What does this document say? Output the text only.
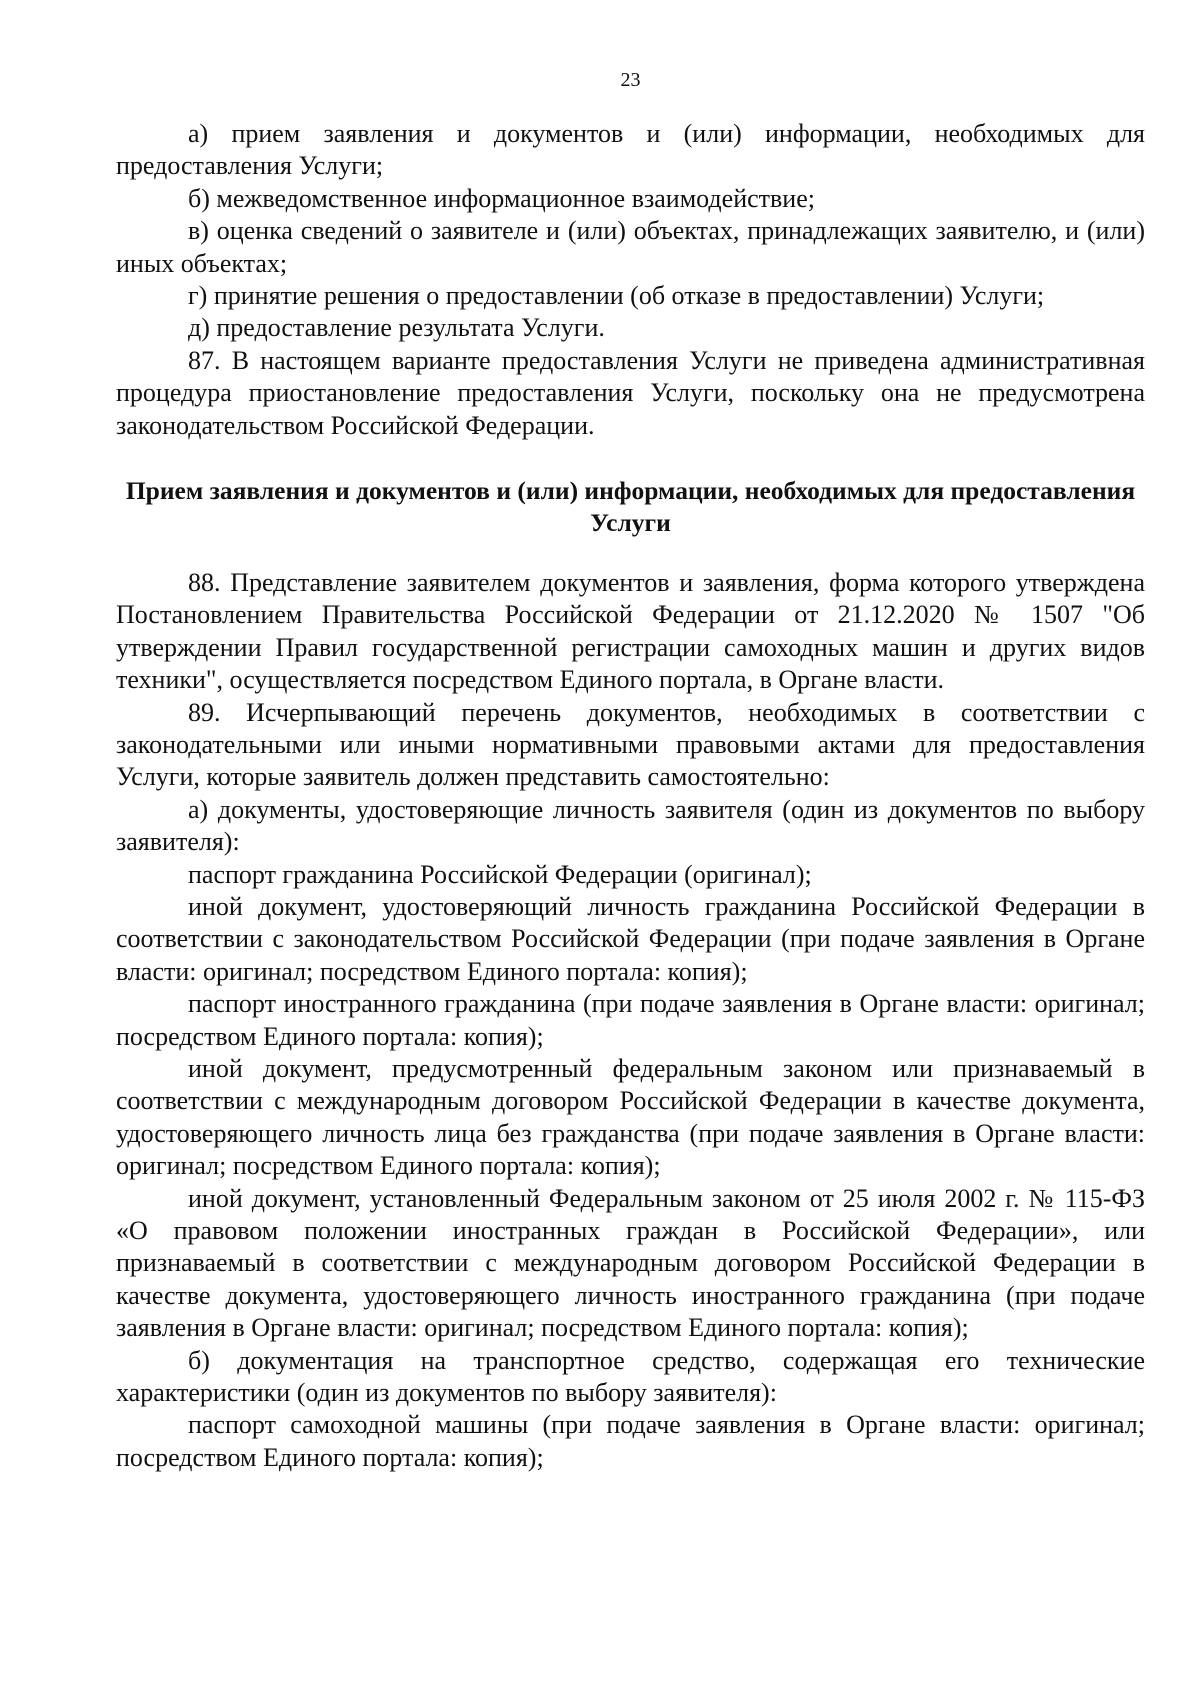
23

а) прием заявления и документов и (или) информации, необходимых для предоставления Услуги;

б) межведомственное информационное взаимодействие;

в) оценка сведений о заявителе и (или) объектах, принадлежащих заявителю, и (или) иных объектах;

г) принятие решения о предоставлении (об отказе в предоставлении) Услуги;

д) предоставление результата Услуги.

87. В настоящем варианте предоставления Услуги не приведена административная процедура приостановление предоставления Услуги, поскольку она не предусмотрена законодательством Российской Федерации.

Прием заявления и документов и (или) информации, необходимых для предоставления Услуги

88. Представление заявителем документов и заявления, форма которого утверждена Постановлением Правительства Российской Федерации от 21.12.2020 № 1507 "Об утверждении Правил государственной регистрации самоходных машин и других видов техники", осуществляется посредством Единого портала, в Органе власти.

89. Исчерпывающий перечень документов, необходимых в соответствии с законодательными или иными нормативными правовыми актами для предоставления Услуги, которые заявитель должен представить самостоятельно:

а) документы, удостоверяющие личность заявителя (один из документов по выбору заявителя):

паспорт гражданина Российской Федерации (оригинал);

иной документ, удостоверяющий личность гражданина Российской Федерации в соответствии с законодательством Российской Федерации (при подаче заявления в Органе власти: оригинал; посредством Единого портала: копия);

паспорт иностранного гражданина (при подаче заявления в Органе власти: оригинал; посредством Единого портала: копия);

иной документ, предусмотренный федеральным законом или признаваемый в соответствии с международным договором Российской Федерации в качестве документа, удостоверяющего личность лица без гражданства (при подаче заявления в Органе власти: оригинал; посредством Единого портала: копия);

иной документ, установленный Федеральным законом от 25 июля 2002 г. № 115-ФЗ «О правовом положении иностранных граждан в Российской Федерации», или признаваемый в соответствии с международным договором Российской Федерации в качестве документа, удостоверяющего личность иностранного гражданина (при подаче заявления в Органе власти: оригинал; посредством Единого портала: копия);

б) документация на транспортное средство, содержащая его технические характеристики (один из документов по выбору заявителя):

паспорт самоходной машины (при подаче заявления в Органе власти: оригинал; посредством Единого портала: копия);
